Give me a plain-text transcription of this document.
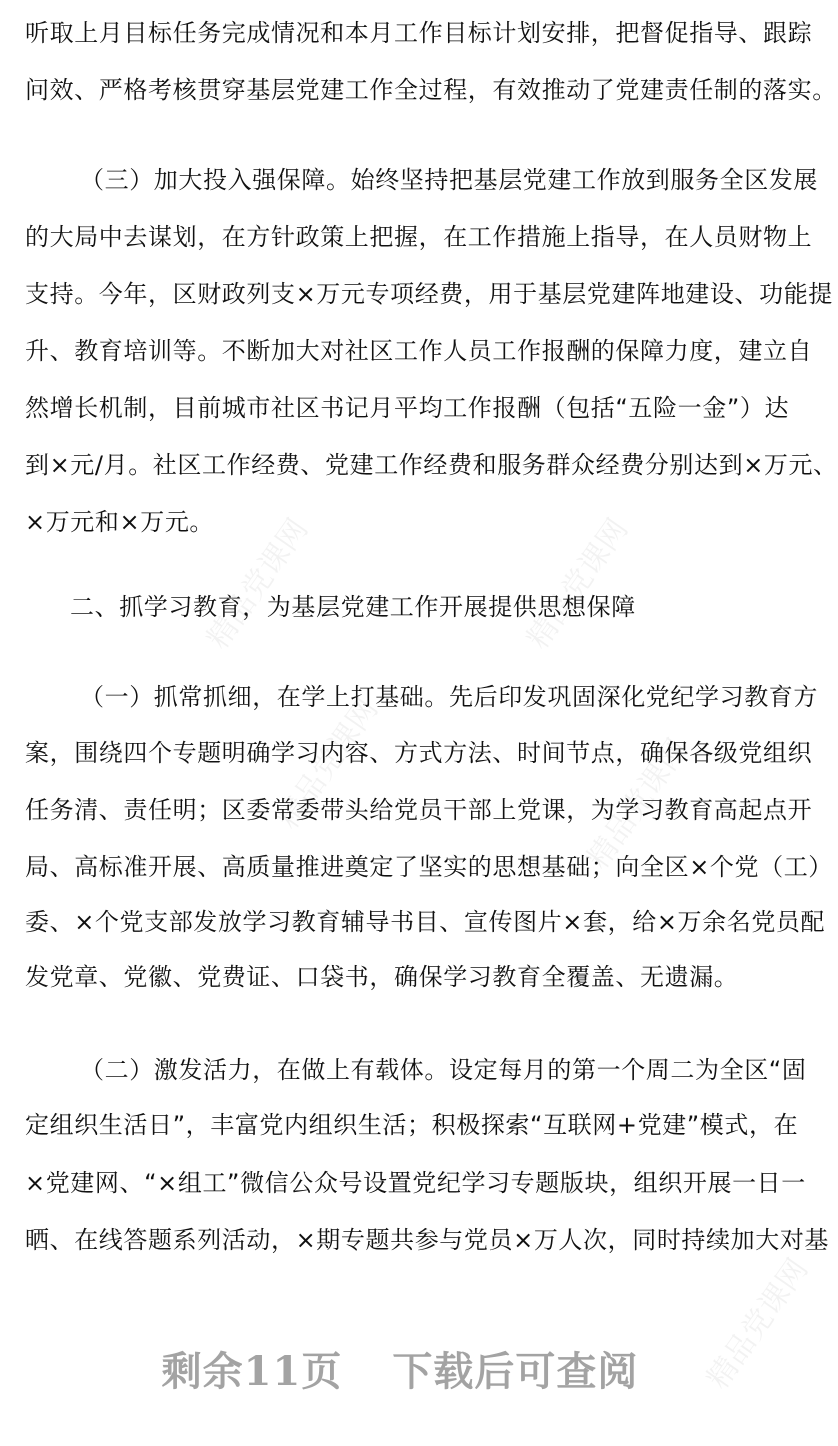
精品党课网	精品党课网
精品党课网	精品党课网
精品党课网
听取上月目标任务完成情况和本月工作目标计划安排，把督促指导、跟踪
问效、严格考核贯穿基层党建工作全过程，有效推动了党建责任制的落实。
（三）加大投入强保障。始终坚持把基层党建工作放到服务全区发展
的大局中去谋划，在方针政策上把握，在工作措施上指导，在人员财物上
支持。今年，区财政列支×万元专项经费，用于基层党建阵地建设、功能提
升、教育培训等。不断加大对社区工作人员工作报酬的保障力度，建立自
然增长机制，目前城市社区书记月平均工作报酬（包括“五险一金”）达
到×元/月。社区工作经费、党建工作经费和服务群众经费分别达到×万元、
×万元和×万元。
二、抓学习教育，为基层党建工作开展提供思想保障
（一）抓常抓细，在学上打基础。先后印发巩固深化党纪学习教育方
案，围绕四个专题明确学习内容、方式方法、时间节点，确保各级党组织
任务清、责任明；区委常委带头给党员干部上党课，为学习教育高起点开
局、高标准开展、高质量推进奠定了坚实的思想基础；向全区×个党（工）
委、×个党支部发放学习教育辅导书目、宣传图片×套，给×万余名党员配
发党章、党徽、党费证、口袋书，确保学习教育全覆盖、无遗漏。
（二）激发活力，在做上有载体。设定每月的第一个周二为全区“固
定组织生活日”，丰富党内组织生活；积极探索“互联网+党建”模式，在
×党建网、“×组工”微信公众号设置党纪学习专题版块，组织开展一日一
晒、在线答题系列活动，×期专题共参与党员×万人次，同时持续加大对基
剩余11页 下载后可查阅
